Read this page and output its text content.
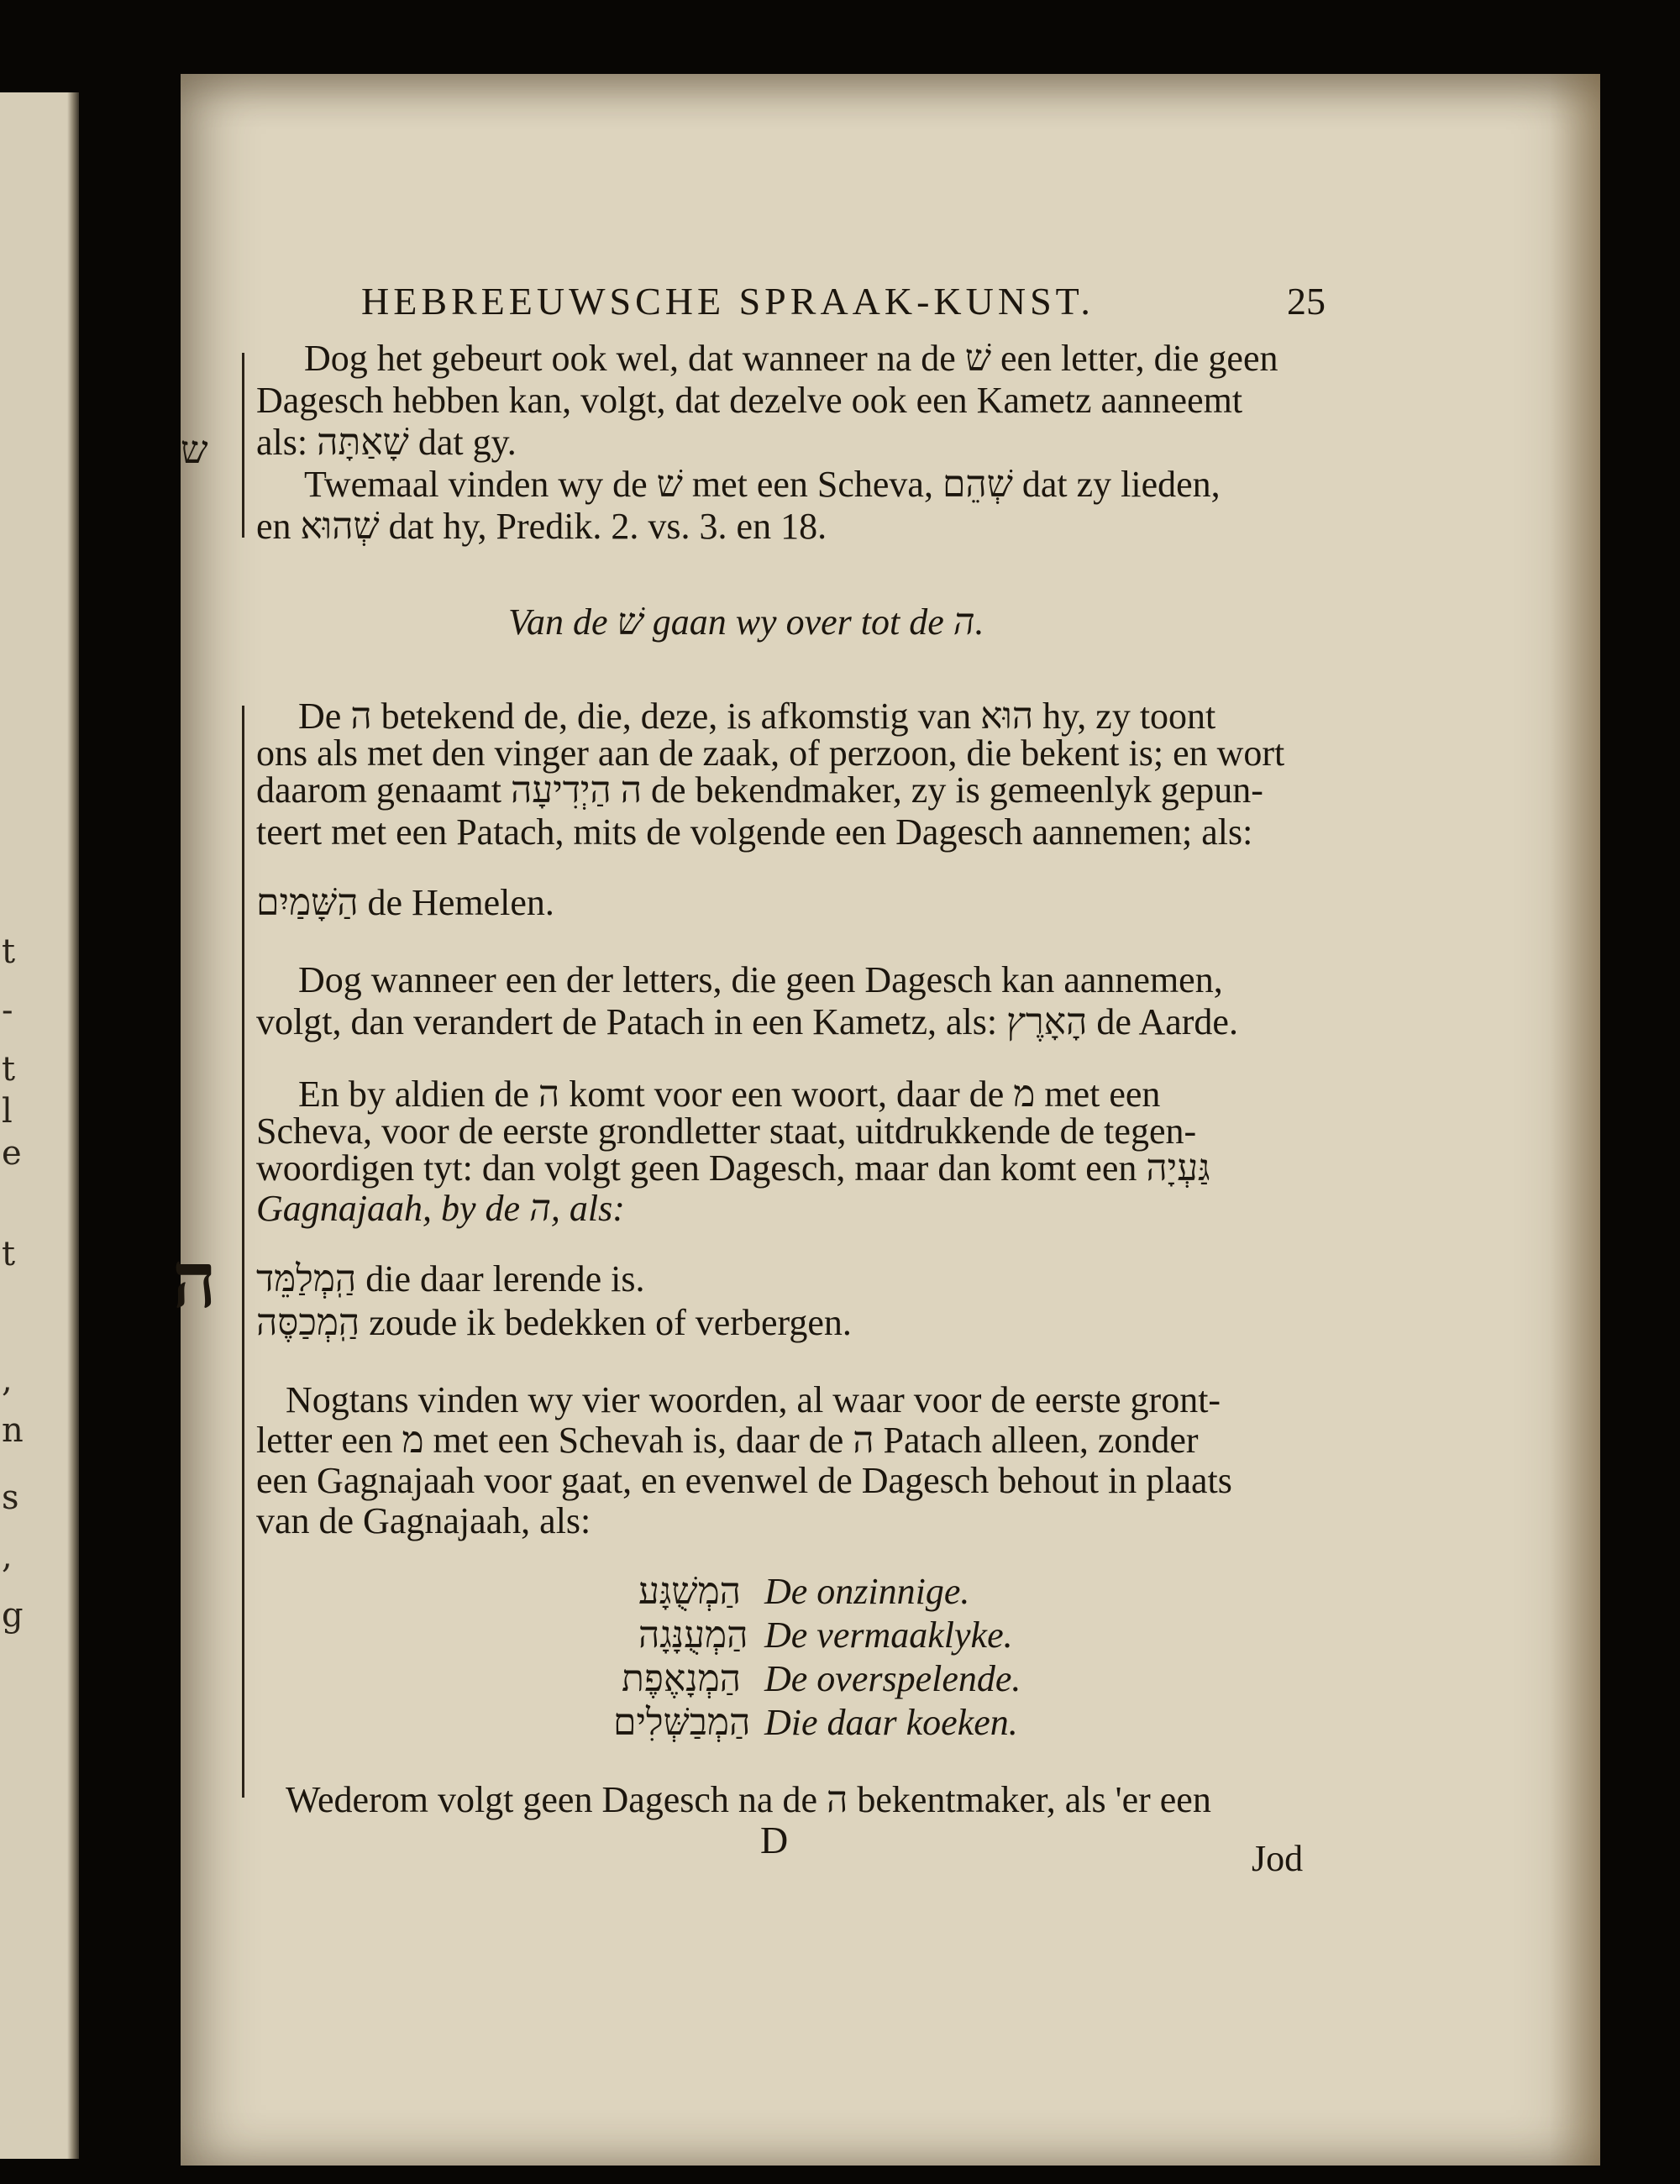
t
-
t
l
e
t
,
n
s
,
g
HEBREEUWSCHE SPRAAK-KUNST.	25
ש
ה
Dog het gebeurt ook wel, dat wanneer na de שׁ een letter, die geen
Dagesch hebben kan, volgt, dat dezelve ook een Kametz aanneemt
als: שָׁאַתָּה dat gy.
Twemaal vinden wy de שׁ met een Scheva, שְׁהֵם dat zy lieden,
en שְׁהוּא dat hy, Predik. 2. vs. 3. en 18.
Van de שׁ gaan wy over tot de ה.
De ה betekend de, die, deze, is afkomstig van הוּא hy, zy toont
ons als met den vinger aan de zaak, of perzoon, die bekent is; en wort
daarom genaamt ה הַיְדִיעָה de bekendmaker, zy is gemeenlyk gepun-
teert met een Patach, mits de volgende een Dagesch aannemen; als:
הַשָּׁמַיִם de Hemelen.
Dog wanneer een der letters, die geen Dagesch kan aannemen,
volgt, dan verandert de Patach in een Kametz, als: הָאָרֶץ de Aarde.
En by aldien de ה komt voor een woort, daar de מ met een
Scheva, voor de eerste grondletter staat, uitdrukkende de tegen-
woordigen tyt: dan volgt geen Dagesch, maar dan komt een גַּעְיָה
Gagnajaah, by de ה, als:
הַֽמְלַמֵּד die daar lerende is.
הַֽמְכַסֶּה zoude ik bedekken of verbergen.
Nogtans vinden wy vier woorden, al waar voor de eerste gront-
letter een מ met een Schevah is, daar de ה Patach alleen, zonder
een Gagnajaah voor gaat, en evenwel de Dagesch behout in plaats
van de Gagnajaah, als:
הַמְשֻׁגָּע De onzinnige.
הַמְעֻנָּגָה De vermaaklyke.
הַמְנָאֶפֶת De overspelende.
הַמְבַשְּׁלִים Die daar koeken.
Wederom volgt geen Dagesch na de ה bekentmaker, als 'er een
D	Jod
